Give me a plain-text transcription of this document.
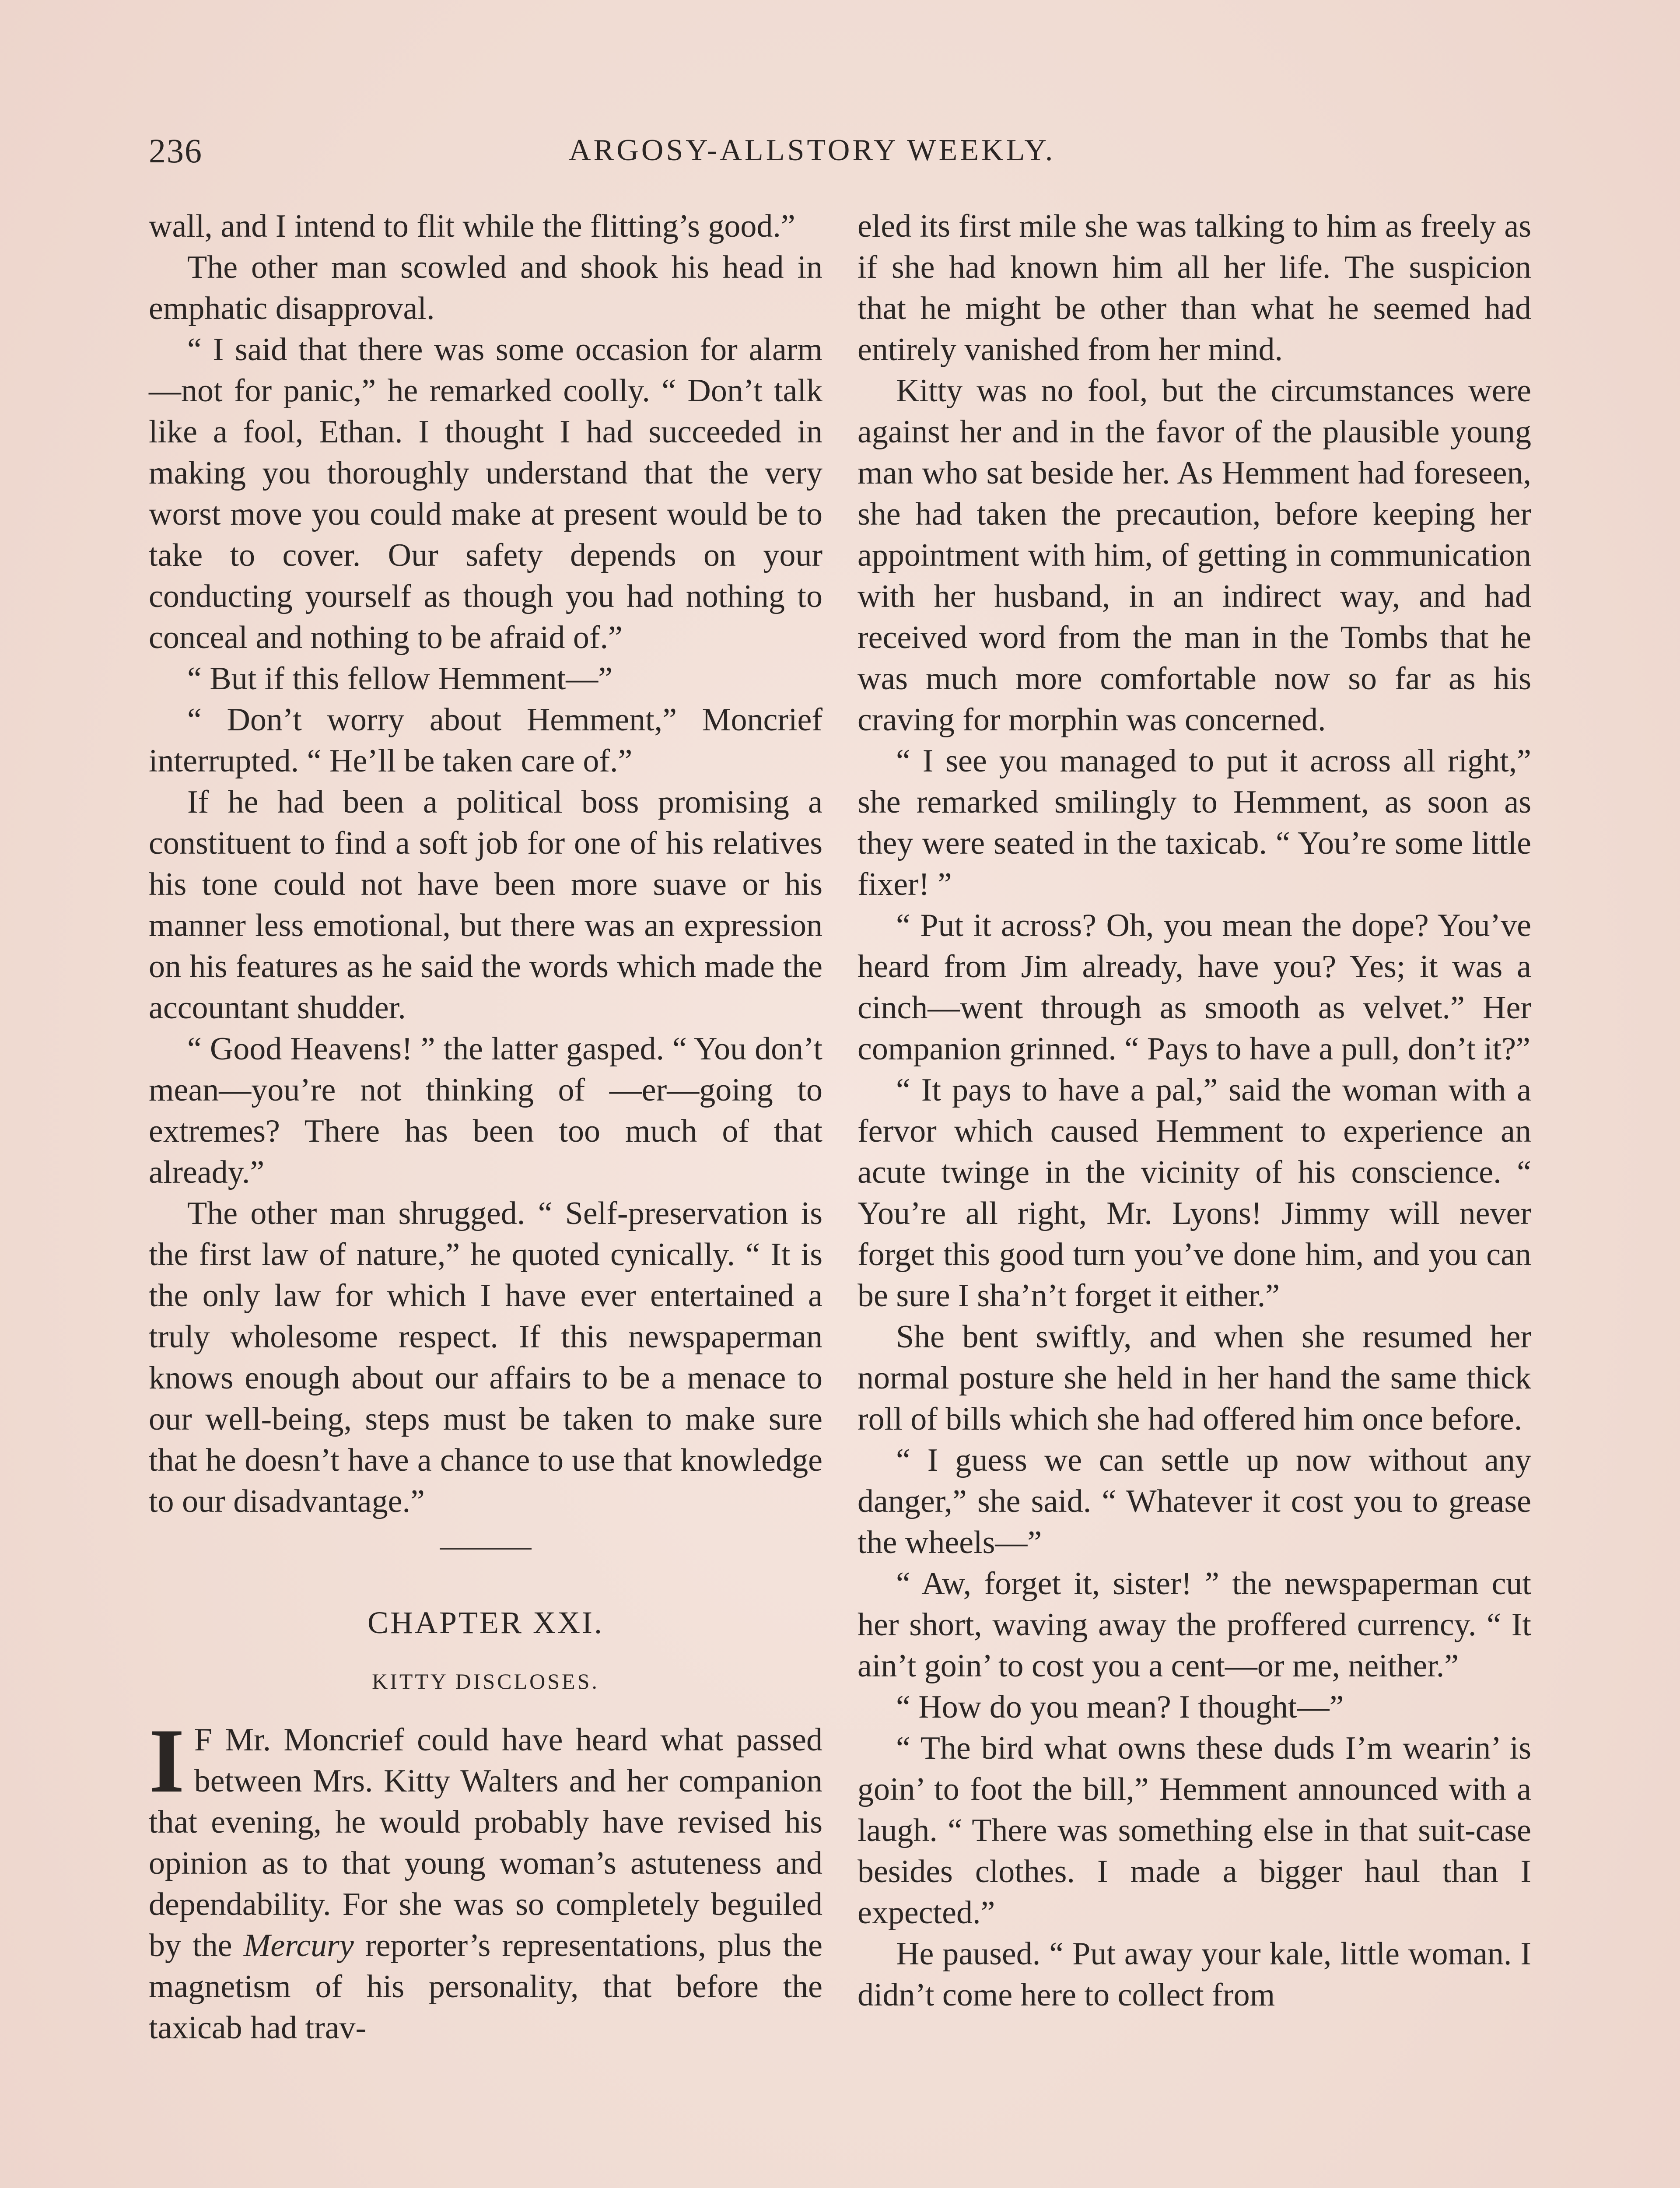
236	ARGOSY-ALLSTORY WEEKLY.

wall, and I intend to flit while the flitting’s good.”

The other man scowled and shook his head in emphatic disapproval.

“ I said that there was some occasion for alarm—not for panic,” he remarked coolly. “ Don’t talk like a fool, Ethan. I thought I had succeeded in making you thoroughly understand that the very worst move you could make at present would be to take to cover. Our safety depends on your conducting yourself as though you had nothing to conceal and nothing to be afraid of.”

“ But if this fellow Hemment—”

“ Don’t worry about Hemment,” Moncrief interrupted. “ He’ll be taken care of.”

If he had been a political boss promising a constituent to find a soft job for one of his relatives his tone could not have been more suave or his manner less emotional, but there was an expression on his features as he said the words which made the accountant shudder.

“ Good Heavens! ” the latter gasped. “ You don’t mean—you’re not thinking of —er—going to extremes? There has been too much of that already.”

The other man shrugged. “ Self-preservation is the first law of nature,” he quoted cynically. “ It is the only law for which I have ever entertained a truly wholesome respect. If this newspaperman knows enough about our affairs to be a menace to our well-being, steps must be taken to make sure that he doesn’t have a chance to use that knowledge to our disadvantage.”

CHAPTER XXI.
KITTY DISCLOSES.

I F Mr. Moncrief could have heard what passed between Mrs. Kitty Walters and her companion that evening, he would probably have revised his opinion as to that young woman’s astuteness and dependability. For she was so completely beguiled by the Mercury reporter’s representations, plus the magnetism of his personality, that before the taxicab had trav-

eled its first mile she was talking to him as freely as if she had known him all her life. The suspicion that he might be other than what he seemed had entirely vanished from her mind.

Kitty was no fool, but the circumstances were against her and in the favor of the plausible young man who sat beside her. As Hemment had foreseen, she had taken the precaution, before keeping her appointment with him, of getting in communication with her husband, in an indirect way, and had received word from the man in the Tombs that he was much more comfortable now so far as his craving for morphin was concerned.

“ I see you managed to put it across all right,” she remarked smilingly to Hemment, as soon as they were seated in the taxicab. “ You’re some little fixer! ”

“ Put it across? Oh, you mean the dope? You’ve heard from Jim already, have you? Yes; it was a cinch—went through as smooth as velvet.” Her companion grinned. “ Pays to have a pull, don’t it?”

“ It pays to have a pal,” said the woman with a fervor which caused Hemment to experience an acute twinge in the vicinity of his conscience. “ You’re all right, Mr. Lyons! Jimmy will never forget this good turn you’ve done him, and you can be sure I sha’n’t forget it either.”

She bent swiftly, and when she resumed her normal posture she held in her hand the same thick roll of bills which she had offered him once before.

“ I guess we can settle up now without any danger,” she said. “ Whatever it cost you to grease the wheels—”

“ Aw, forget it, sister! ” the newspaperman cut her short, waving away the proffered currency. “ It ain’t goin’ to cost you a cent—or me, neither.”

“ How do you mean? I thought—”

“ The bird what owns these duds I’m wearin’ is goin’ to foot the bill,” Hemment announced with a laugh. “ There was something else in that suit-case besides clothes. I made a bigger haul than I expected.”

He paused. “ Put away your kale, little woman. I didn’t come here to collect from
